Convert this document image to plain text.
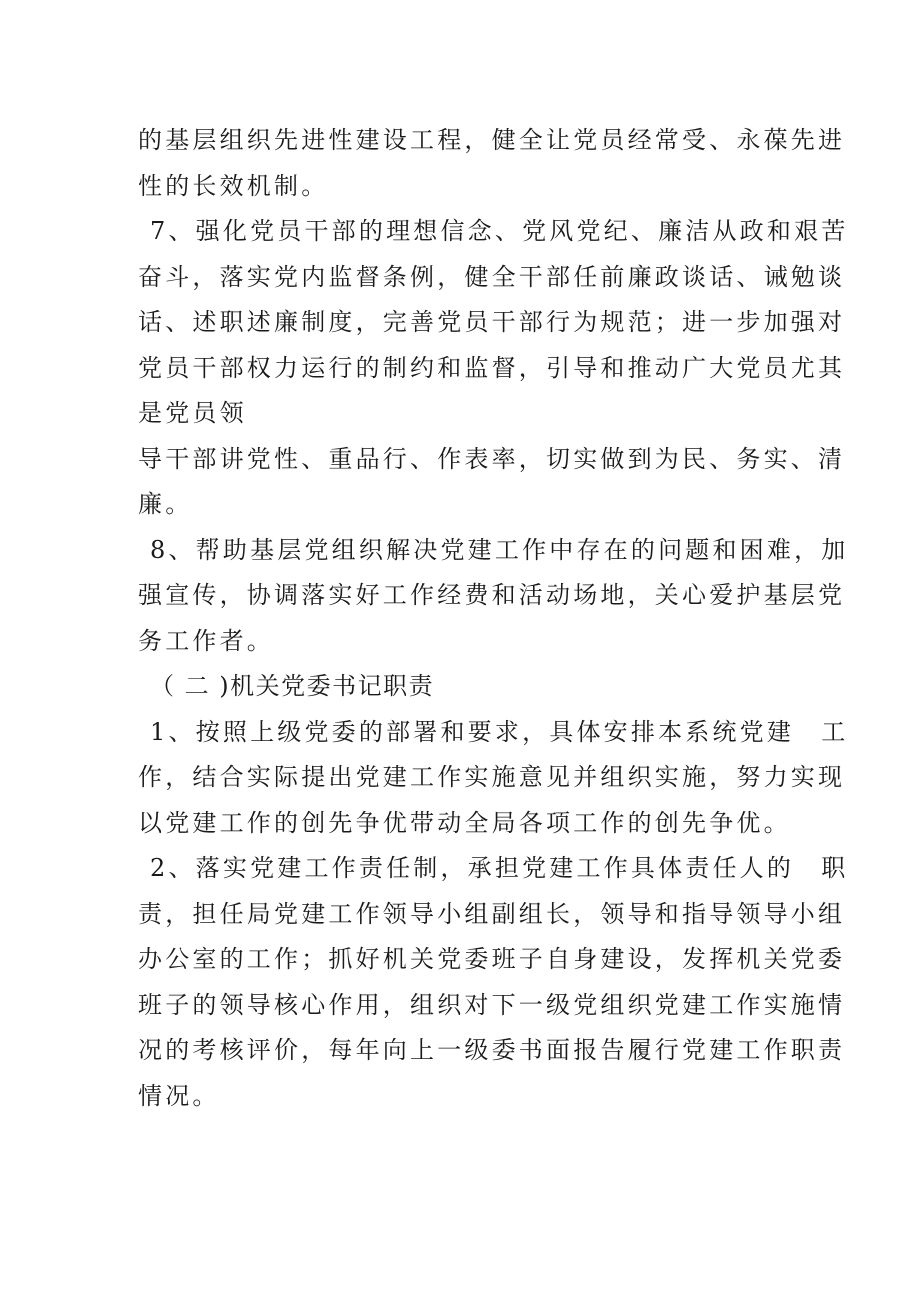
的基层组织先进性建设工程，健全让党员经常受、永葆先进
性的长效机制。
7、强化党员干部的理想信念、党风党纪、廉洁从政和艰苦
奋斗，落实党内监督条例，健全干部任前廉政谈话、诫勉谈
话、述职述廉制度，完善党员干部行为规范；进一步加强对
党员干部权力运行的制约和监督，引导和推动广大党员尤其
是党员领
导干部讲党性、重品行、作表率，切实做到为民、务实、清
廉。
8、帮助基层党组织解决党建工作中存在的问题和困难，加
强宣传，协调落实好工作经费和活动场地，关心爱护基层党
务工作者。
（ 二 )机关党委书记职责
1、按照上级党委的部署和要求，具体安排本系统党建　工
作，结合实际提出党建工作实施意见并组织实施，努力实现
以党建工作的创先争优带动全局各项工作的创先争优。
2、落实党建工作责任制，承担党建工作具体责任人的　职
责，担任局党建工作领导小组副组长，领导和指导领导小组
办公室的工作；抓好机关党委班子自身建设，发挥机关党委
班子的领导核心作用，组织对下一级党组织党建工作实施情
况的考核评价，每年向上一级委书面报告履行党建工作职责
情况。
